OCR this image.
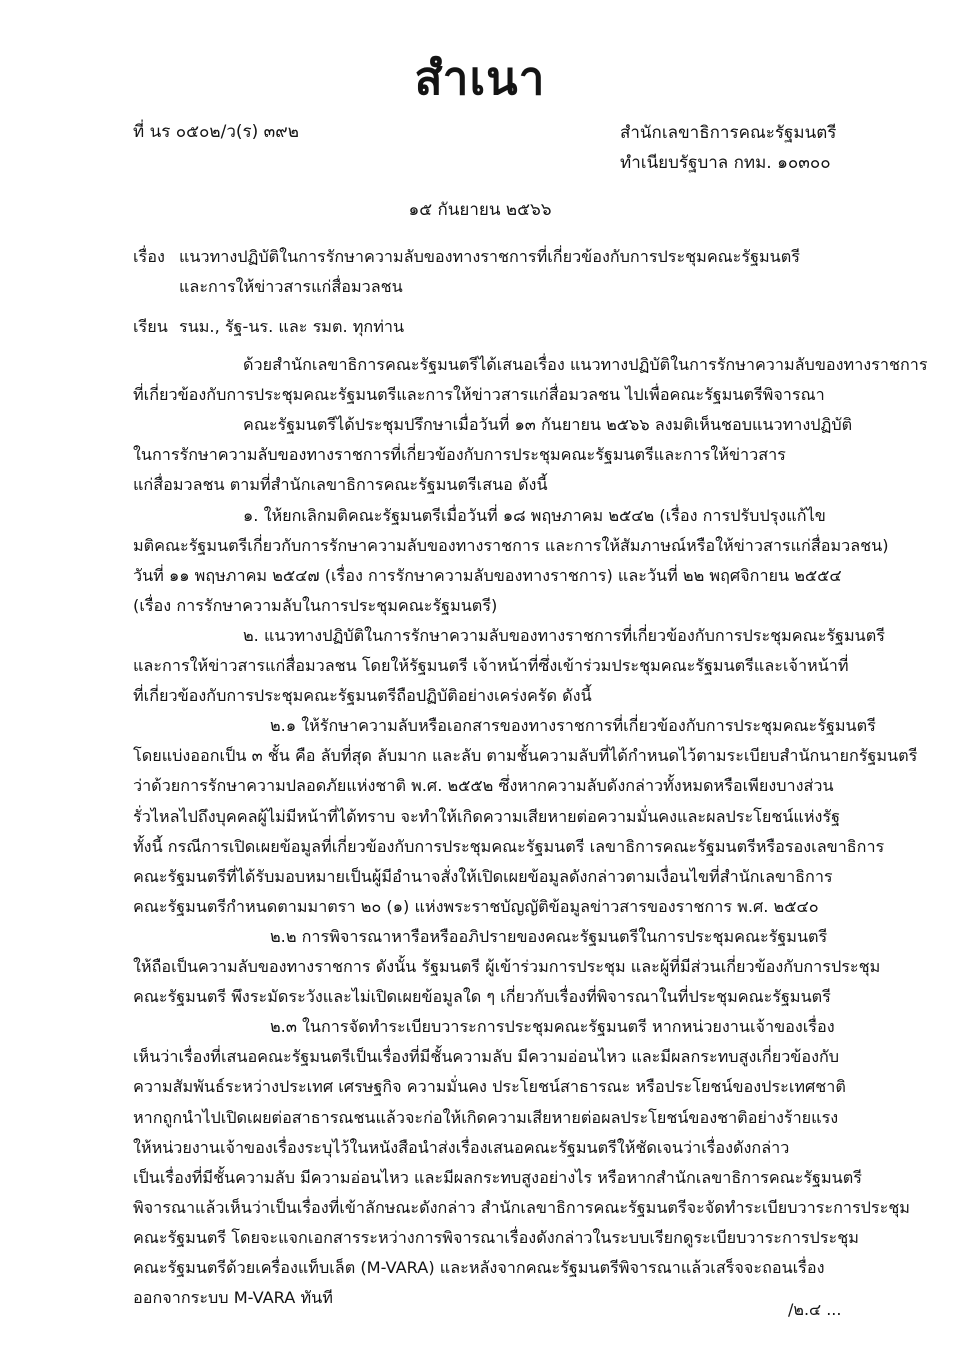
สำเนา
ที่ นร ๐๕๐๒/ว(ร) ๓๙๒	สำนักเลขาธิการคณะรัฐมนตรี
ทำเนียบรัฐบาล กทม. ๑๐๓๐๐
๑๕ กันยายน ๒๕๖๖
เรื่อง แนวทางปฏิบัติในการรักษาความลับของทางราชการที่เกี่ยวข้องกับการประชุมคณะรัฐมนตรี
และการให้ข่าวสารแก่สื่อมวลชน
เรียน รนม., รัฐ-นร. และ รมต. ทุกท่าน
ด้วยสำนักเลขาธิการคณะรัฐมนตรีได้เสนอเรื่อง แนวทางปฏิบัติในการรักษาความลับของทางราชการ
ที่เกี่ยวข้องกับการประชุมคณะรัฐมนตรีและการให้ข่าวสารแก่สื่อมวลชน ไปเพื่อคณะรัฐมนตรีพิจารณา
คณะรัฐมนตรีได้ประชุมปรึกษาเมื่อวันที่ ๑๓ กันยายน ๒๕๖๖ ลงมติเห็นชอบแนวทางปฏิบัติ
ในการรักษาความลับของทางราชการที่เกี่ยวข้องกับการประชุมคณะรัฐมนตรีและการให้ข่าวสาร
แก่สื่อมวลชน ตามที่สำนักเลขาธิการคณะรัฐมนตรีเสนอ ดังนี้
๑. ให้ยกเลิกมติคณะรัฐมนตรีเมื่อวันที่ ๑๘ พฤษภาคม ๒๕๔๒ (เรื่อง การปรับปรุงแก้ไข
มติคณะรัฐมนตรีเกี่ยวกับการรักษาความลับของทางราชการ และการให้สัมภาษณ์หรือให้ข่าวสารแก่สื่อมวลชน)
วันที่ ๑๑ พฤษภาคม ๒๕๔๗ (เรื่อง การรักษาความลับของทางราชการ) และวันที่ ๒๒ พฤศจิกายน ๒๕๕๔
(เรื่อง การรักษาความลับในการประชุมคณะรัฐมนตรี)
๒. แนวทางปฏิบัติในการรักษาความลับของทางราชการที่เกี่ยวข้องกับการประชุมคณะรัฐมนตรี
และการให้ข่าวสารแก่สื่อมวลชน โดยให้รัฐมนตรี เจ้าหน้าที่ซึ่งเข้าร่วมประชุมคณะรัฐมนตรีและเจ้าหน้าที่
ที่เกี่ยวข้องกับการประชุมคณะรัฐมนตรีถือปฏิบัติอย่างเคร่งครัด ดังนี้
๒.๑ ให้รักษาความลับหรือเอกสารของทางราชการที่เกี่ยวข้องกับการประชุมคณะรัฐมนตรี
โดยแบ่งออกเป็น ๓ ชั้น คือ ลับที่สุด ลับมาก และลับ ตามชั้นความลับที่ได้กำหนดไว้ตามระเบียบสำนักนายกรัฐมนตรี
ว่าด้วยการรักษาความปลอดภัยแห่งชาติ พ.ศ. ๒๕๕๒ ซึ่งหากความลับดังกล่าวทั้งหมดหรือเพียงบางส่วน
รั่วไหลไปถึงบุคคลผู้ไม่มีหน้าที่ได้ทราบ จะทำให้เกิดความเสียหายต่อความมั่นคงและผลประโยชน์แห่งรัฐ
ทั้งนี้ กรณีการเปิดเผยข้อมูลที่เกี่ยวข้องกับการประชุมคณะรัฐมนตรี เลขาธิการคณะรัฐมนตรีหรือรองเลขาธิการ
คณะรัฐมนตรีที่ได้รับมอบหมายเป็นผู้มีอำนาจสั่งให้เปิดเผยข้อมูลดังกล่าวตามเงื่อนไขที่สำนักเลขาธิการ
คณะรัฐมนตรีกำหนดตามมาตรา ๒๐ (๑) แห่งพระราชบัญญัติข้อมูลข่าวสารของราชการ พ.ศ. ๒๕๔๐
๒.๒ การพิจารณาหารือหรืออภิปรายของคณะรัฐมนตรีในการประชุมคณะรัฐมนตรี
ให้ถือเป็นความลับของทางราชการ ดังนั้น รัฐมนตรี ผู้เข้าร่วมการประชุม และผู้ที่มีส่วนเกี่ยวข้องกับการประชุม
คณะรัฐมนตรี พึงระมัดระวังและไม่เปิดเผยข้อมูลใด ๆ เกี่ยวกับเรื่องที่พิจารณาในที่ประชุมคณะรัฐมนตรี
๒.๓ ในการจัดทำระเบียบวาระการประชุมคณะรัฐมนตรี หากหน่วยงานเจ้าของเรื่อง
เห็นว่าเรื่องที่เสนอคณะรัฐมนตรีเป็นเรื่องที่มีชั้นความลับ มีความอ่อนไหว และมีผลกระทบสูงเกี่ยวข้องกับ
ความสัมพันธ์ระหว่างประเทศ เศรษฐกิจ ความมั่นคง ประโยชน์สาธารณะ หรือประโยชน์ของประเทศชาติ
หากถูกนำไปเปิดเผยต่อสาธารณชนแล้วจะก่อให้เกิดความเสียหายต่อผลประโยชน์ของชาติอย่างร้ายแรง
ให้หน่วยงานเจ้าของเรื่องระบุไว้ในหนังสือนำส่งเรื่องเสนอคณะรัฐมนตรีให้ชัดเจนว่าเรื่องดังกล่าว
เป็นเรื่องที่มีชั้นความลับ มีความอ่อนไหว และมีผลกระทบสูงอย่างไร หรือหากสำนักเลขาธิการคณะรัฐมนตรี
พิจารณาแล้วเห็นว่าเป็นเรื่องที่เข้าลักษณะดังกล่าว สำนักเลขาธิการคณะรัฐมนตรีจะจัดทำระเบียบวาระการประชุม
คณะรัฐมนตรี โดยจะแจกเอกสารระหว่างการพิจารณาเรื่องดังกล่าวในระบบเรียกดูระเบียบวาระการประชุม
คณะรัฐมนตรีด้วยเครื่องแท็บเล็ต (M-VARA) และหลังจากคณะรัฐมนตรีพิจารณาแล้วเสร็จจะถอนเรื่อง
ออกจากระบบ M-VARA ทันที
/๒.๔ ...
